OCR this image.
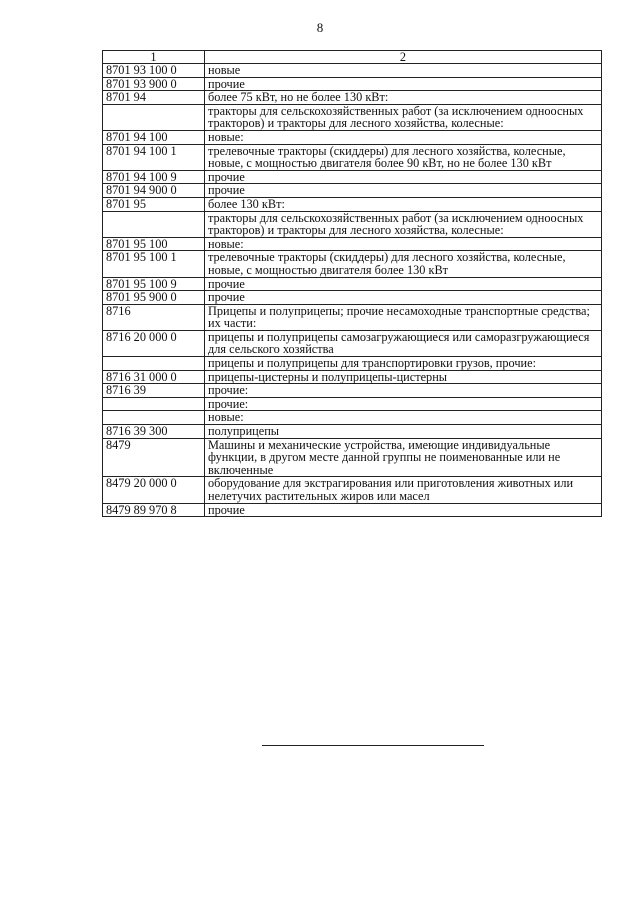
8
1	2
8701 93 100 0	новые
8701 93 900 0	прочие
8701 94	более 75 кВт, но не более 130 кВт:
	тракторы для сельскохозяйственных работ (за исключением одноосных тракторов) и тракторы для лесного хозяйства, колесные:
8701 94 100	новые:
8701 94 100 1	трелевочные тракторы (скиддеры) для лесного хозяйства, колесные, новые, с мощностью двигателя более 90 кВт, но не более 130 кВт
8701 94 100 9	прочие
8701 94 900 0	прочие
8701 95	более 130 кВт:
	тракторы для сельскохозяйственных работ (за исключением одноосных тракторов) и тракторы для лесного хозяйства, колесные:
8701 95 100	новые:
8701 95 100 1	трелевочные тракторы (скиддеры) для лесного хозяйства, колесные, новые, с мощностью двигателя более 130 кВт
8701 95 100 9	прочие
8701 95 900 0	прочие
8716	Прицепы и полуприцепы; прочие несамоходные транспортные средства; их части:
8716 20 000 0	прицепы и полуприцепы самозагружающиеся или саморазгружающиеся для сельского хозяйства
	прицепы и полуприцепы для транспортировки грузов, прочие:
8716 31 000 0	прицепы-цистерны и полуприцепы-цистерны
8716 39	прочие:
	прочие:
	новые:
8716 39 300	полуприцепы
8479	Машины и механические устройства, имеющие индивидуальные функции, в другом месте данной группы не поименованные или не включенные
8479 20 000 0	оборудование для экстрагирования или приготовления животных или нелетучих растительных жиров или масел
8479 89 970 8	прочие
